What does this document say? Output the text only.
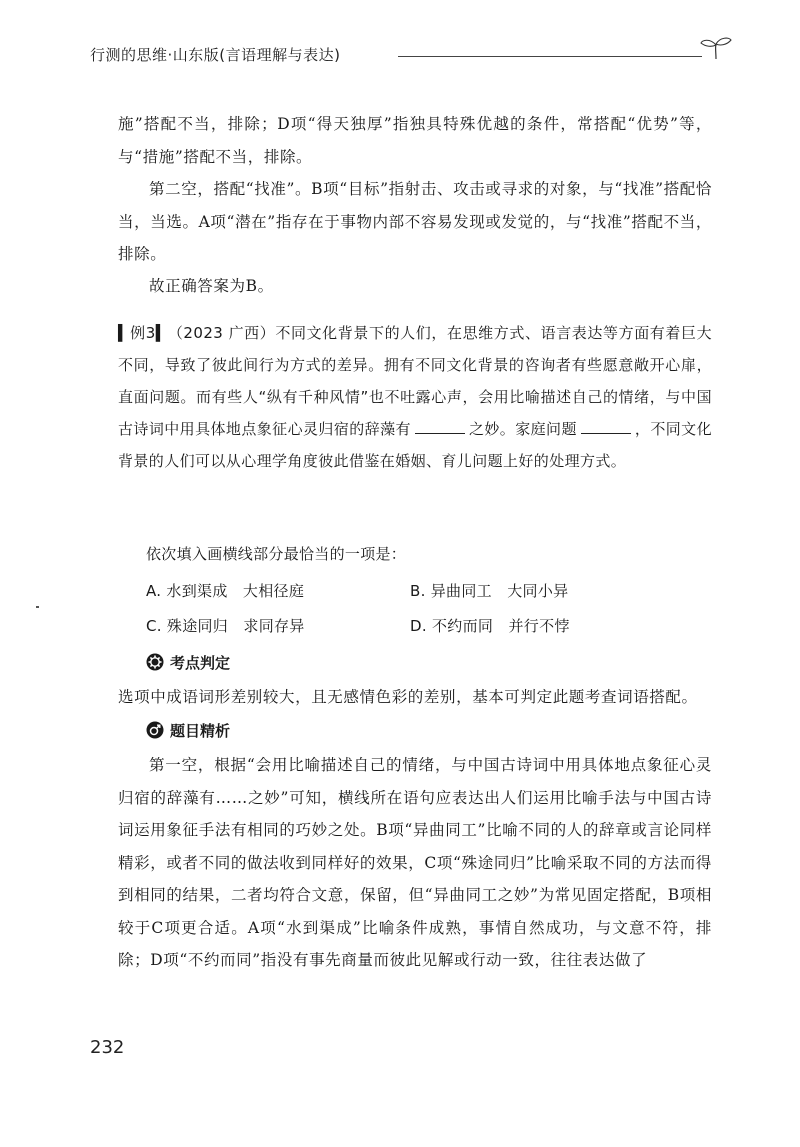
行测的思维·山东版(言语理解与表达)

施”搭配不当，排除；D项“得天独厚”指独具特殊优越的条件，常搭配“优势”等，与“措施”搭配不当，排除。

第二空，搭配“找准”。B项“目标”指射击、攻击或寻求的对象，与“找准”搭配恰当，当选。A项“潜在”指存在于事物内部不容易发现或发觉的，与“找准”搭配不当，排除。

故正确答案为B。

▍例3▍（2023 广西）不同文化背景下的人们，在思维方式、语言表达等方面有着巨大不同，导致了彼此间行为方式的差异。拥有不同文化背景的咨询者有些愿意敞开心扉，直面问题。而有些人“纵有千种风情”也不吐露心声，会用比喻描述自己的情绪，与中国古诗词中用具体地点象征心灵归宿的辞藻有	之妙。家庭问题	，不同文化背景的人们可以从心理学角度彼此借鉴在婚姻、育儿问题上好的处理方式。

依次填入画横线部分最恰当的一项是：
A. 水到渠成　大相径庭	B. 异曲同工　大同小异
C. 殊途同归　求同存异	D. 不约而同　并行不悖
考点判定

选项中成语词形差别较大，且无感情色彩的差别，基本可判定此题考查词语搭配。

题目精析

第一空，根据“会用比喻描述自己的情绪，与中国古诗词中用具体地点象征心灵归宿的辞藻有……之妙”可知，横线所在语句应表达出人们运用比喻手法与中国古诗词运用象征手法有相同的巧妙之处。B项“异曲同工”比喻不同的人的辞章或言论同样精彩，或者不同的做法收到同样好的效果，C项“殊途同归”比喻采取不同的方法而得到相同的结果，二者均符合文意，保留，但“异曲同工之妙”为常见固定搭配，B项相较于C项更合适。A项“水到渠成”比喻条件成熟，事情自然成功，与文意不符，排除；D项“不约而同”指没有事先商量而彼此见解或行动一致，往往表达做了

232
